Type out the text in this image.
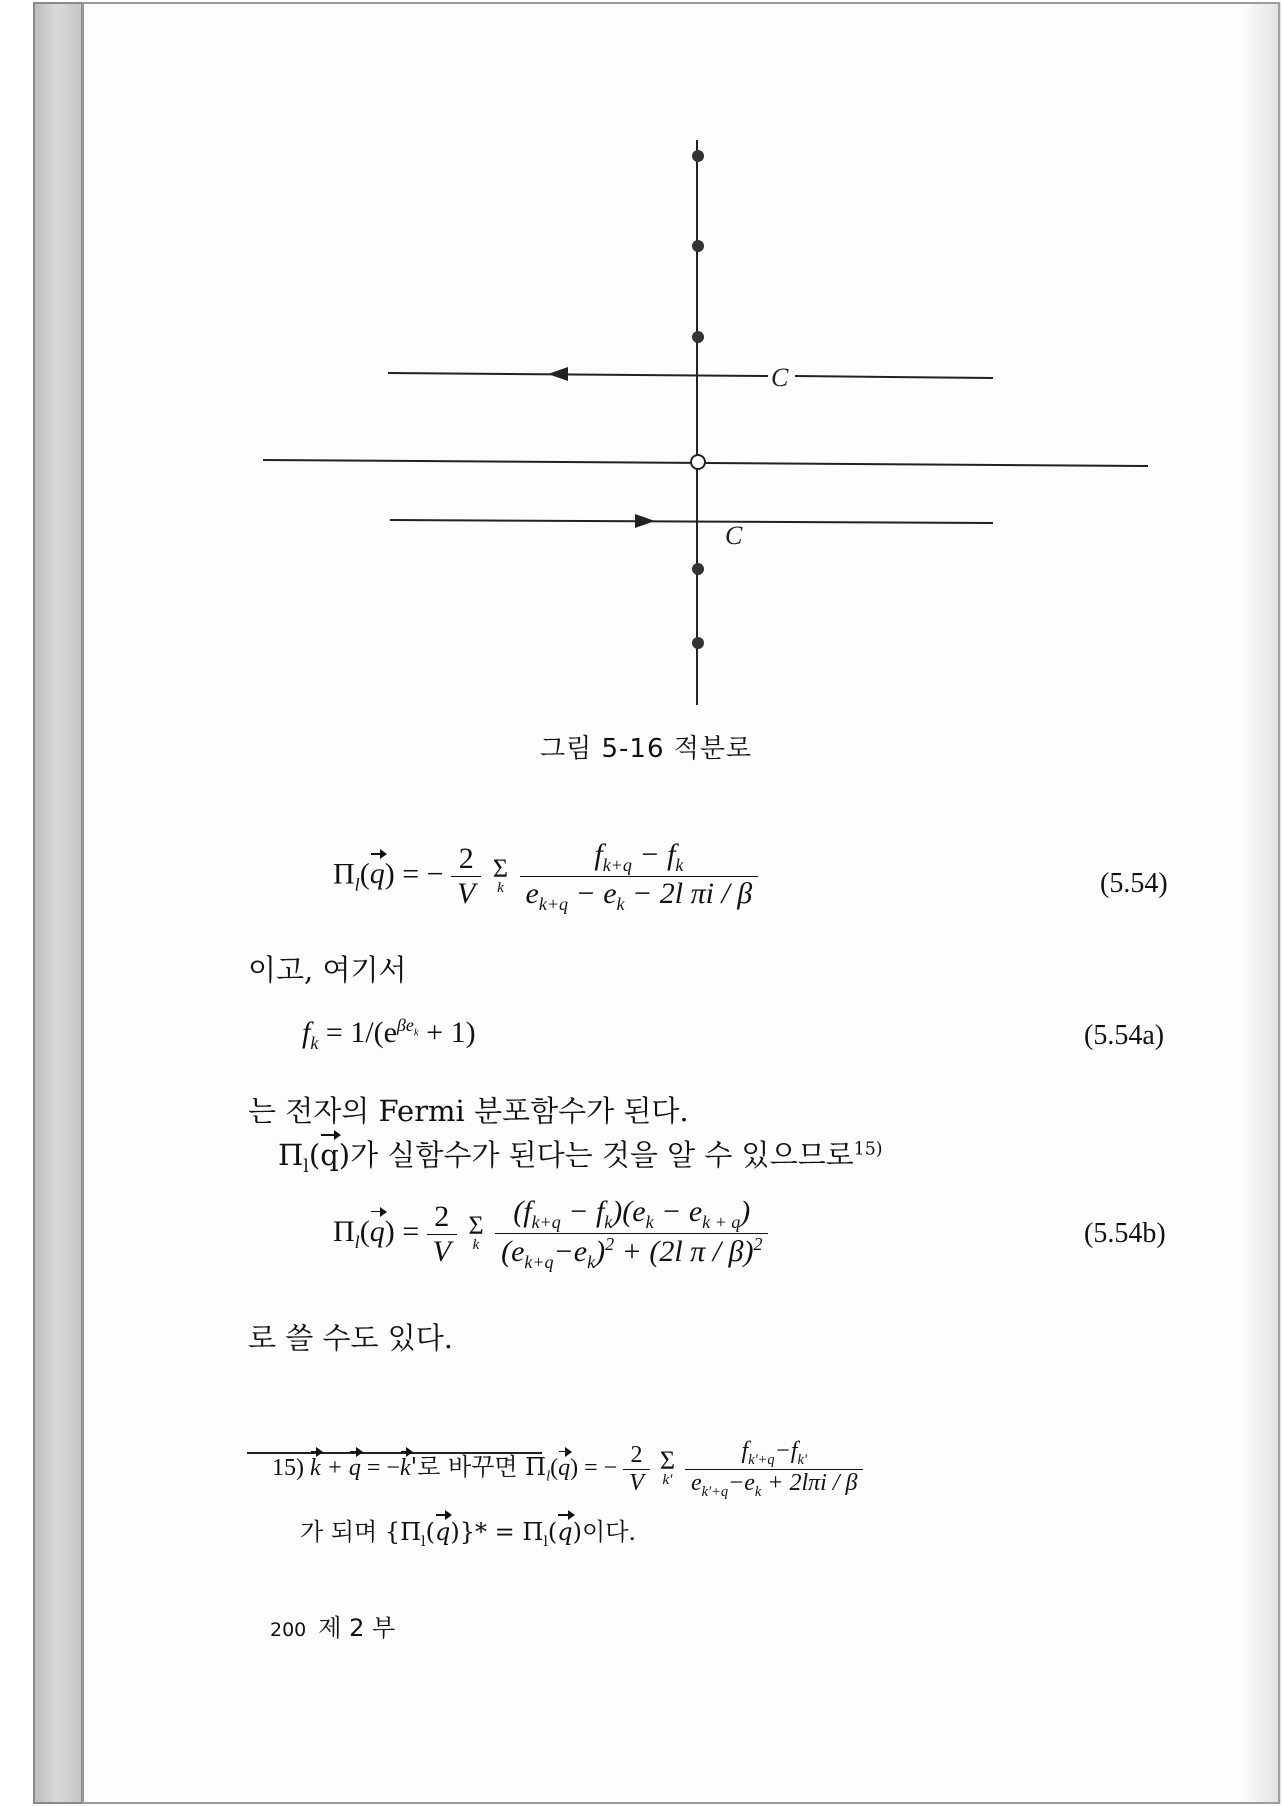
C
C
그림 5-16 적분로
$\Pi_l(q)$ = − $\frac{2}{V}$
Σ
k
$\frac{f_{k+q} - f_k}{e_{k+q} - e_k - 2l \pi i / \beta}$	(5.54)
이고, 여기서
$f_k = 1/(e^{\beta e_k} + 1)$	(5.54a)
는 전자의 Fermi 분포함수가 된다.
$\Pi_l(q)$가 실함수가 된다는 것을 알 수 있으므로$^{15)}$
$\Pi_l(q) = \frac{2}{V}$
Σ
k
$\frac{(f_{k+q} - f_k)(e_k - e_{k + q})}{(e_{k+q}-e_k)^2 + (2l \pi / \beta)^2}$	(5.54b)
로 쓸 수도 있다.
15) k + q = −k'로 바꾸면 $\Pi_l(q)$ = − $\frac{2}{V}$
Σ
k'
$\frac{f_{k'+q}-f_{k'}}{e_{k'+q}-e_k + 2l\pi i / \beta}$
가 되며 $\{\Pi_l(q)\}* = \Pi_l(q)$이다.
200 제 2 부
